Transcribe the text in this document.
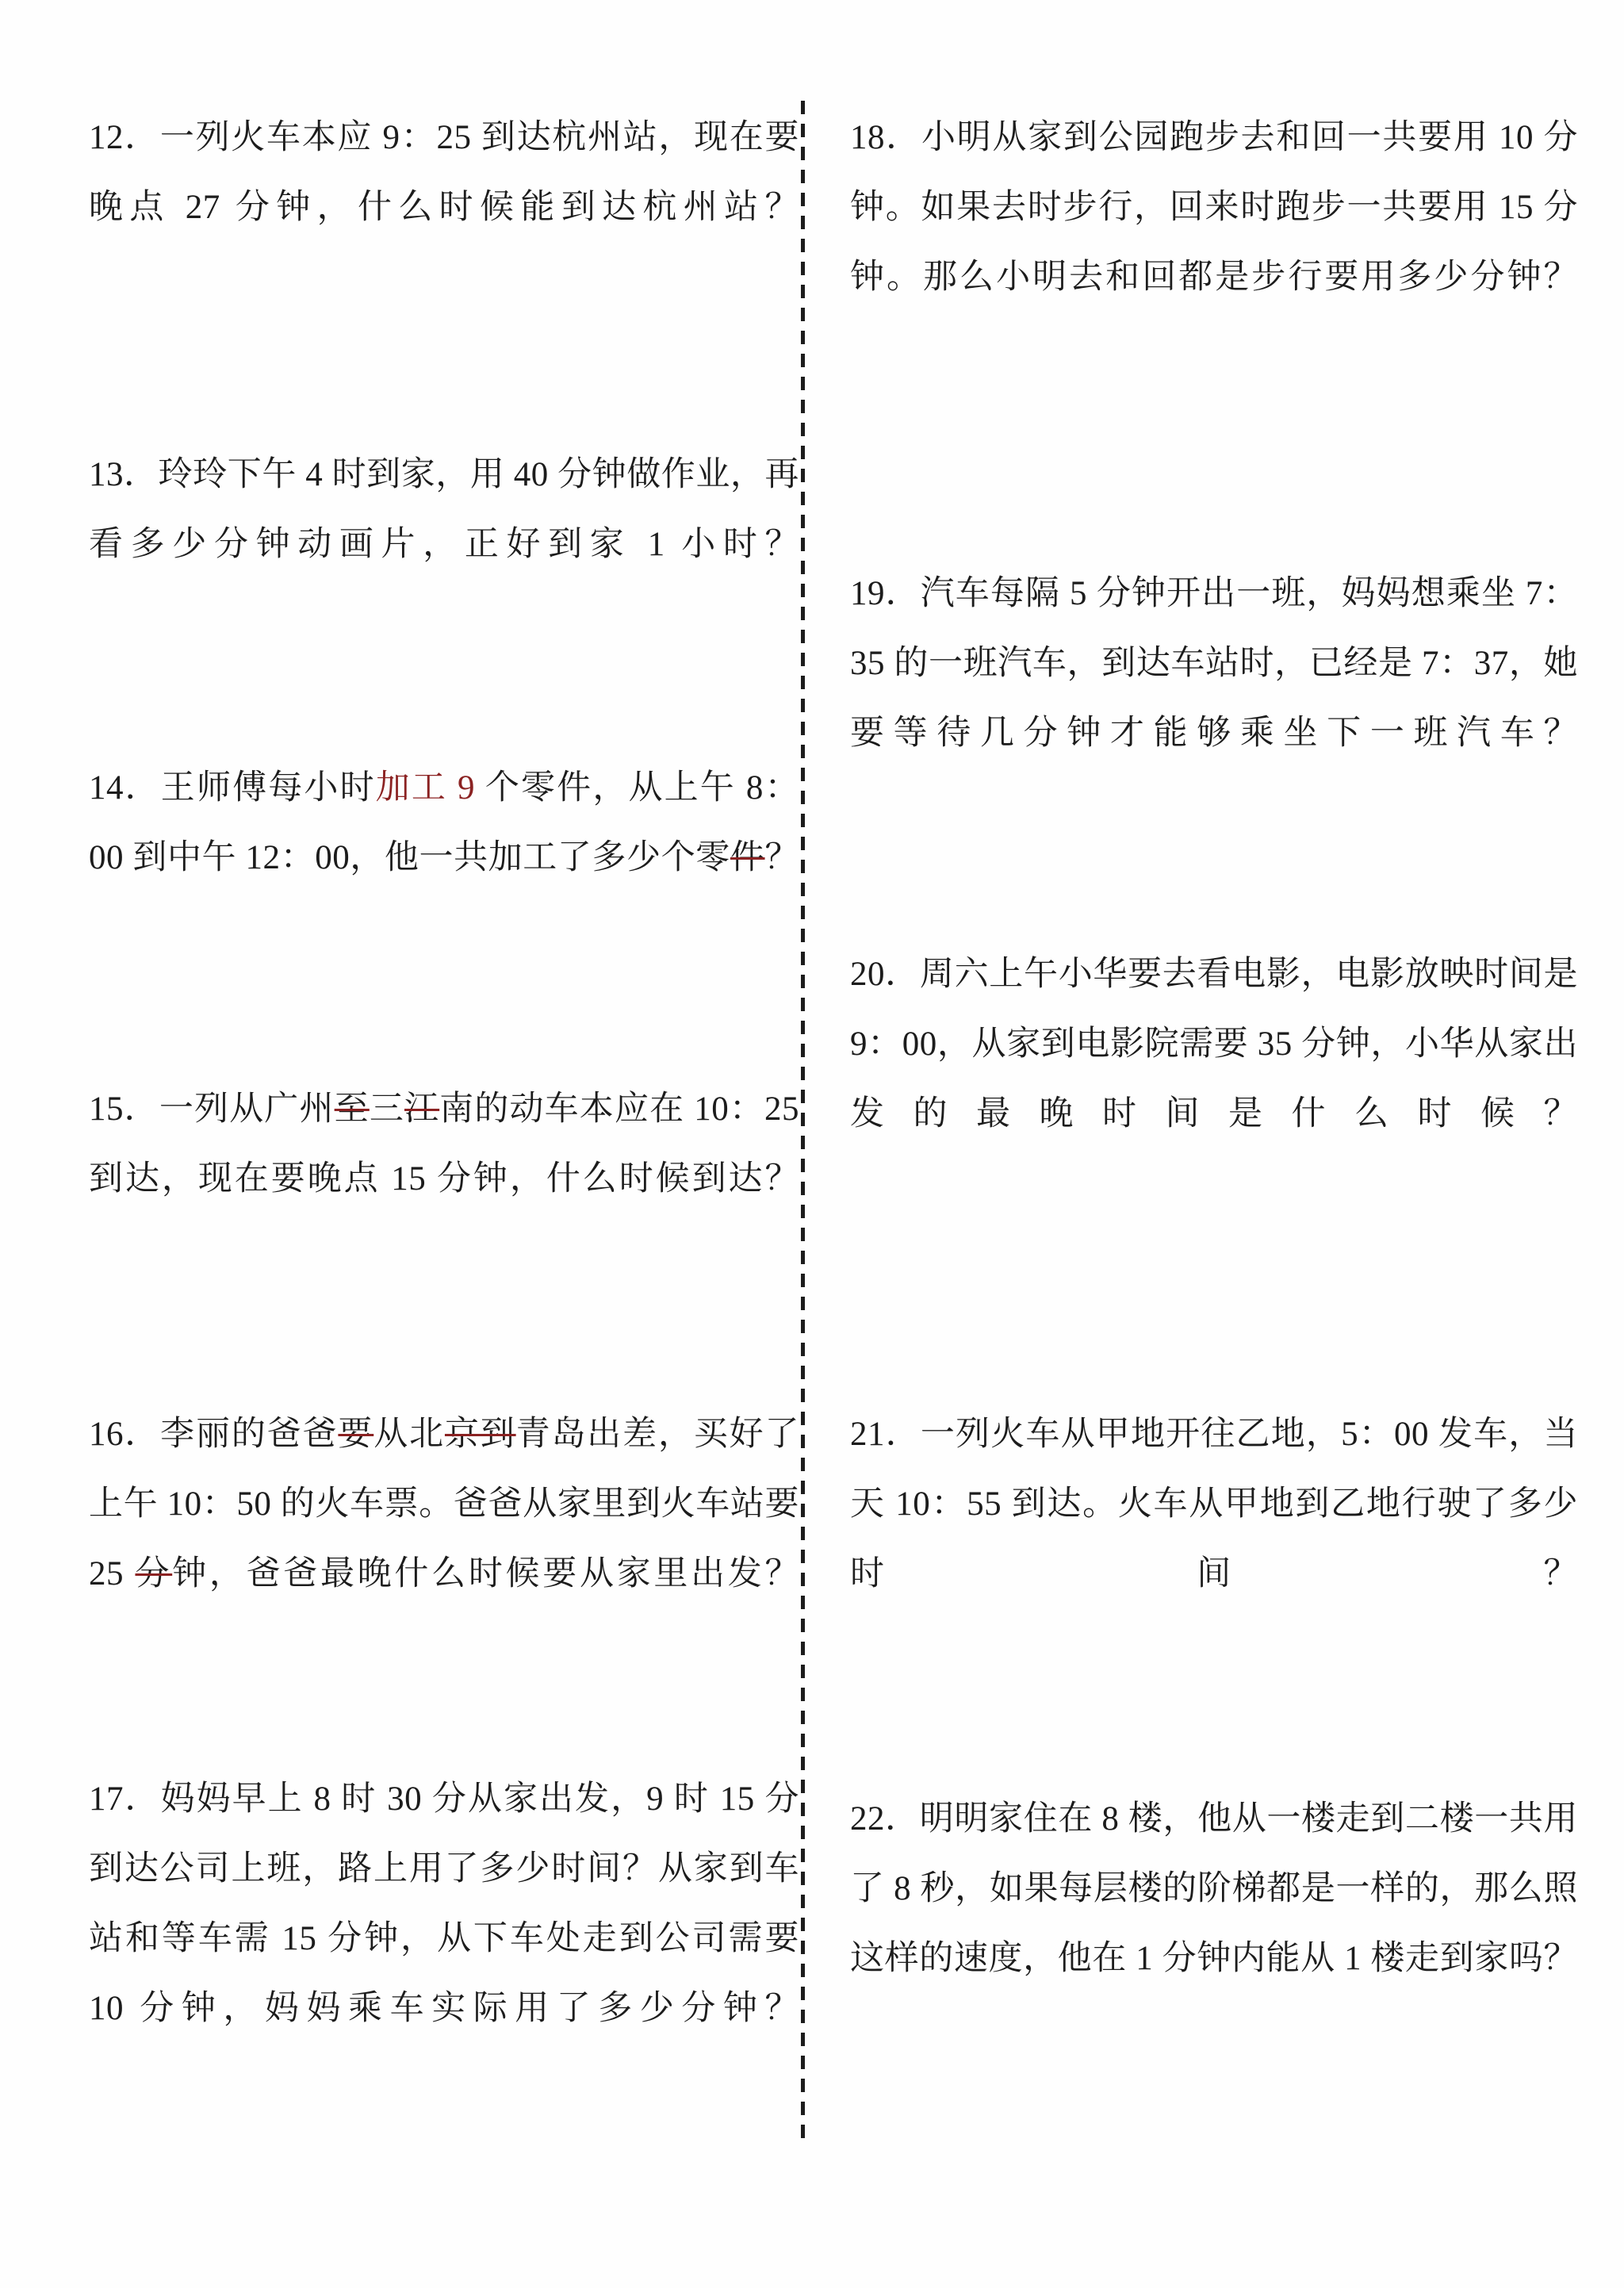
12．一列火车本应 9：25 到达杭州站，现在要晚点 27 分钟，什么时候能到达杭州站？
13．玲玲下午 4 时到家，用 40 分钟做作业，再看多少分钟动画片，正好到家 1 小时？
14．王师傅每小时加工 9 个零件，从上午 8：00 到中午 12：00，他一共加工了多少个零件？
15．一列从广州至三江南的动车本应在 10：25 到达，现在要晚点 15 分钟，什么时候到达？
16．李丽的爸爸要从北京到青岛出差，买好了上午 10：50 的火车票。爸爸从家里到火车站要 25 分钟，爸爸最晚什么时候要从家里出发？
17．妈妈早上 8 时 30 分从家出发，9 时 15 分到达公司上班，路上用了多少时间？从家到车站和等车需 15 分钟，从下车处走到公司需要 10 分钟，妈妈乘车实际用了多少分钟？
18．小明从家到公园跑步去和回一共要用 10 分钟。如果去时步行，回来时跑步一共要用 15 分钟。那么小明去和回都是步行要用多少分钟？
19．汽车每隔 5 分钟开出一班，妈妈想乘坐 7：35 的一班汽车，到达车站时，已经是 7：37，她要等待几分钟才能够乘坐下一班汽车？
20．周六上午小华要去看电影，电影放映时间是 9：00，从家到电影院需要 35 分钟，小华从家出发的最晚时间是什么时候？
21．一列火车从甲地开往乙地，5：00 发车，当天 10：55 到达。火车从甲地到乙地行驶了多少时间？
22．明明家住在 8 楼，他从一楼走到二楼一共用了 8 秒，如果每层楼的阶梯都是一样的，那么照这样的速度，他在 1 分钟内能从 1 楼走到家吗？
